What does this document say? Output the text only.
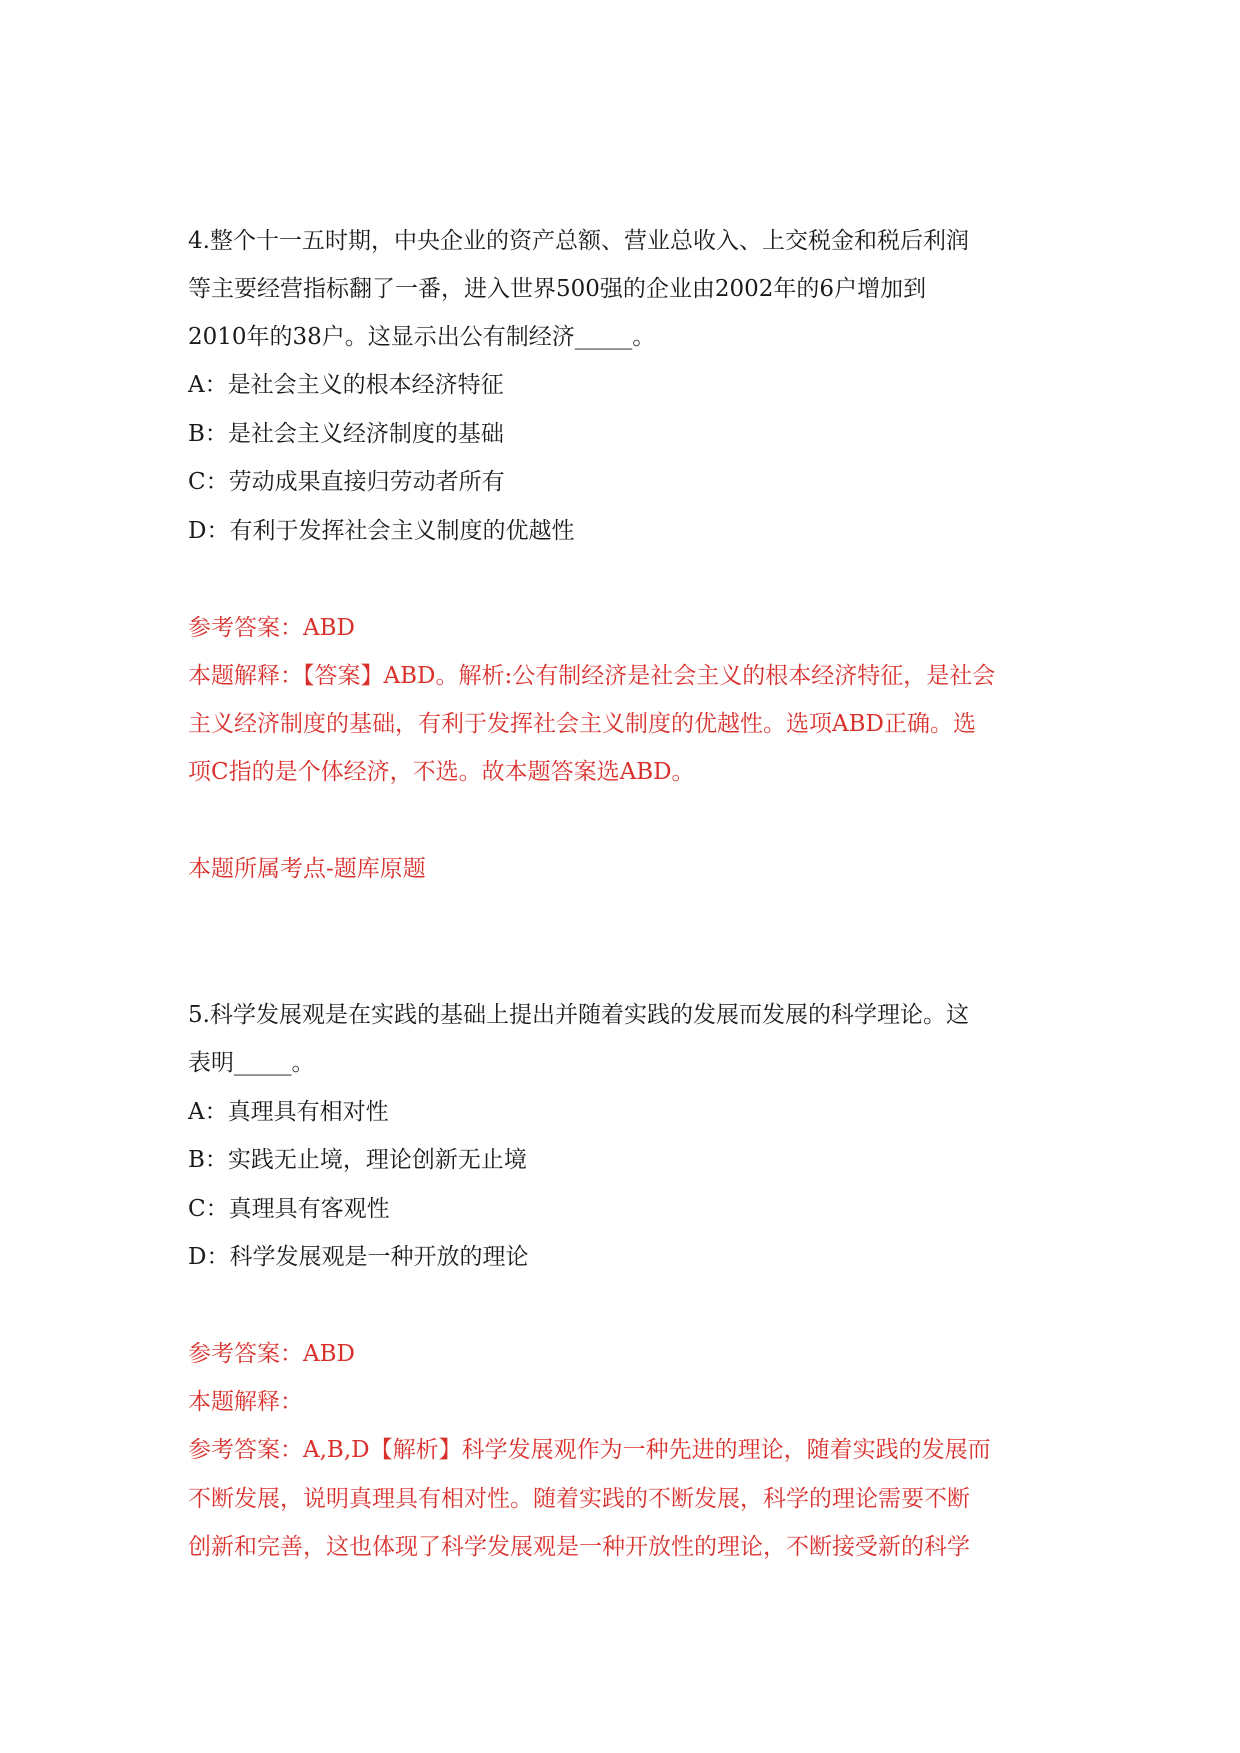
4.整个十一五时期，中央企业的资产总额、营业总收入、上交税金和税后利润
等主要经营指标翻了一番，进入世界500强的企业由2002年的6户增加到
2010年的38户。这显示出公有制经济_____。
A：是社会主义的根本经济特征
B：是社会主义经济制度的基础
C：劳动成果直接归劳动者所有
D：有利于发挥社会主义制度的优越性
参考答案：ABD
本题解释：【答案】ABD。解析:公有制经济是社会主义的根本经济特征，是社会
主义经济制度的基础，有利于发挥社会主义制度的优越性。选项ABD正确。选
项C指的是个体经济，不选。故本题答案选ABD。
本题所属考点-题库原题
5.科学发展观是在实践的基础上提出并随着实践的发展而发展的科学理论。这
表明_____。
A：真理具有相对性
B：实践无止境，理论创新无止境
C：真理具有客观性
D：科学发展观是一种开放的理论
参考答案：ABD
本题解释：
参考答案：A,B,D【解析】科学发展观作为一种先进的理论，随着实践的发展而
不断发展，说明真理具有相对性。随着实践的不断发展，科学的理论需要不断
创新和完善，这也体现了科学发展观是一种开放性的理论，不断接受新的科学
